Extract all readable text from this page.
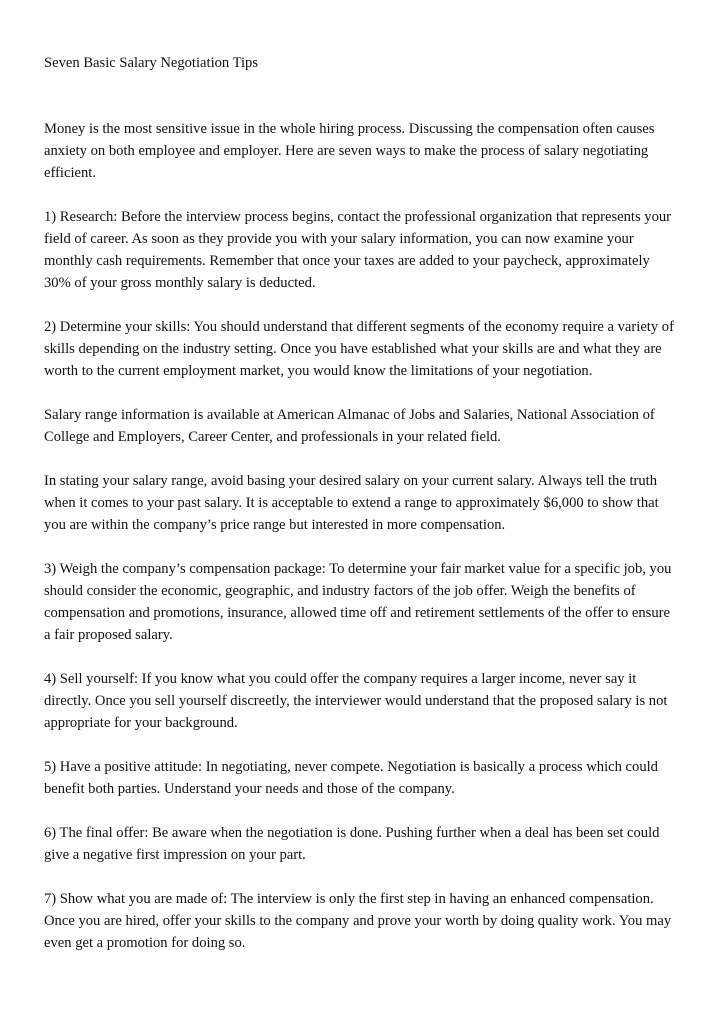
Seven Basic Salary Negotiation Tips

Money is the most sensitive issue in the whole hiring process. Discussing the compensation often causes
anxiety on both employee and employer. Here are seven ways to make the process of salary negotiating
efficient.

1) Research: Before the interview process begins, contact the professional organization that represents your
field of career. As soon as they provide you with your salary information, you can now examine your
monthly cash requirements. Remember that once your taxes are added to your paycheck, approximately
30% of your gross monthly salary is deducted.

2) Determine your skills: You should understand that different segments of the economy require a variety of
skills depending on the industry setting. Once you have established what your skills are and what they are
worth to the current employment market, you would know the limitations of your negotiation.

Salary range information is available at American Almanac of Jobs and Salaries, National Association of
College and Employers, Career Center, and professionals in your related field.

In stating your salary range, avoid basing your desired salary on your current salary. Always tell the truth
when it comes to your past salary. It is acceptable to extend a range to approximately $6,000 to show that
you are within the company’s price range but interested in more compensation.

3) Weigh the company’s compensation package: To determine your fair market value for a specific job, you
should consider the economic, geographic, and industry factors of the job offer. Weigh the benefits of
compensation and promotions, insurance, allowed time off and retirement settlements of the offer to ensure
a fair proposed salary.

4) Sell yourself: If you know what you could offer the company requires a larger income, never say it
directly. Once you sell yourself discreetly, the interviewer would understand that the proposed salary is not
appropriate for your background.

5) Have a positive attitude: In negotiating, never compete. Negotiation is basically a process which could
benefit both parties. Understand your needs and those of the company.

6) The final offer: Be aware when the negotiation is done. Pushing further when a deal has been set could
give a negative first impression on your part.

7) Show what you are made of: The interview is only the first step in having an enhanced compensation.
Once you are hired, offer your skills to the company and prove your worth by doing quality work. You may
even get a promotion for doing so.
